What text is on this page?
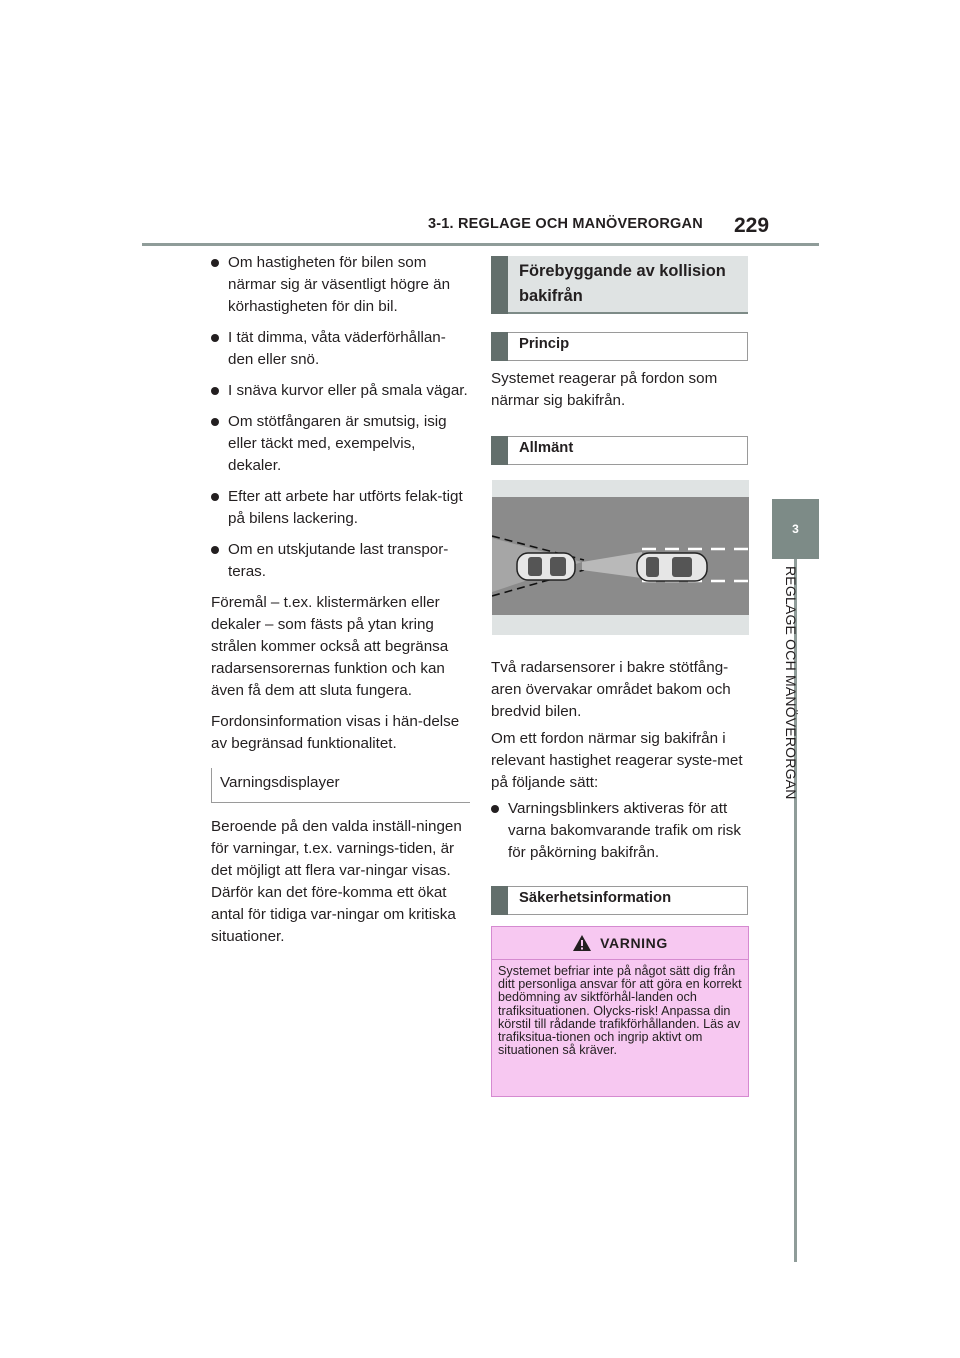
3-1. REGLAGE OCH MANÖVERORGAN 229
3
REGLAGE OCH MANÖVERORGAN
Om hastigheten för bilen som närmar sig är väsentligt högre än körhastigheten för din bil.
I tät dimma, våta väderförhållan-den eller snö.
I snäva kurvor eller på smala vägar.
Om stötfångaren är smutsig, isig eller täckt med, exempelvis, dekaler.
Efter att arbete har utförts felak-tigt på bilens lackering.
Om en utskjutande last transpor-teras.

Föremål – t.ex. klistermärken eller dekaler – som fästs på ytan kring strålen kommer också att begränsa radarsensorernas funktion och kan även få dem att sluta fungera.

Fordonsinformation visas i hän-delse av begränsad funktionalitet.

Varningsdisplayer

Beroende på den valda inställ-ningen för varningar, t.ex. varnings-tiden, är det möjligt att flera var-ningar visas. Därför kan det före-komma ett ökat antal för tidiga var-ningar om kritiska situationer.

Förebyggande av kollision bakifrån
Princip
Systemet reagerar på fordon som närmar sig bakifrån.
Allmänt
Två radarsensorer i bakre stötfång-aren övervakar området bakom och bredvid bilen.
Om ett fordon närmar sig bakifrån i relevant hastighet reagerar syste-met på följande sätt:
Varningsblinkers aktiveras för att varna bakomvarande trafik om risk för påkörning bakifrån.
Säkerhetsinformation
VARNING
Systemet befriar inte på något sätt dig från ditt personliga ansvar för att göra en korrekt bedömning av siktförhål-landen och trafiksituationen. Olycks-risk! Anpassa din körstil till rådande trafikförhållanden. Läs av trafiksitua-tionen och ingrip aktivt om situationen så kräver.
